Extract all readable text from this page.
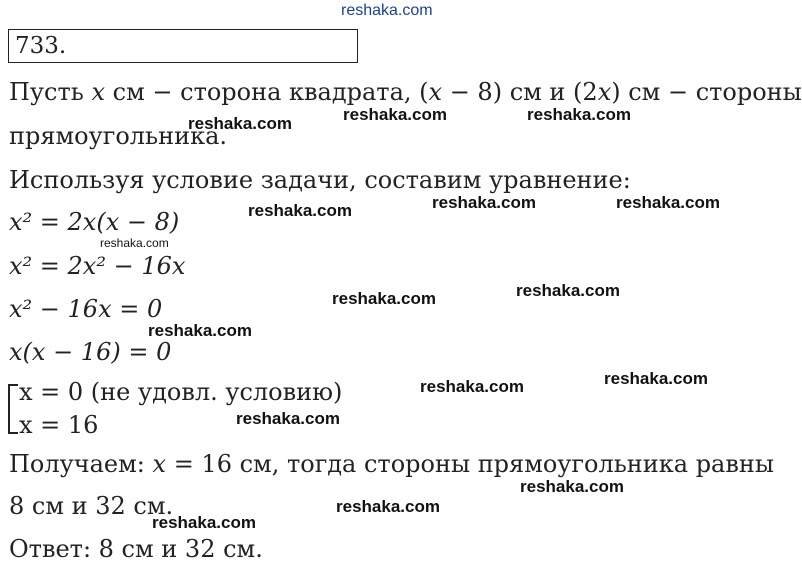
reshaka.com
733.
Пусть x см − сторона квадрата, (x − 8) см и (2x) см − стороны
прямоугольника.
Используя условие задачи, составим уравнение:
x² = 2x(x − 8)
x² = 2x² − 16x
x² − 16x = 0
x(x − 16) = 0
x = 0 (не удовл. условию)
x = 16
Получаем: x = 16 см, тогда стороны прямоугольника равны
8 см и 32 см.
Ответ: 8 см и 32 см.
reshaka.com	reshaka.com	reshaka.com
reshaka.com	reshaka.com	reshaka.com
reshaka.com
reshaka.com	reshaka.com
reshaka.com
reshaka.com	reshaka.com
reshaka.com
reshaka.com
reshaka.com
reshaka.com
